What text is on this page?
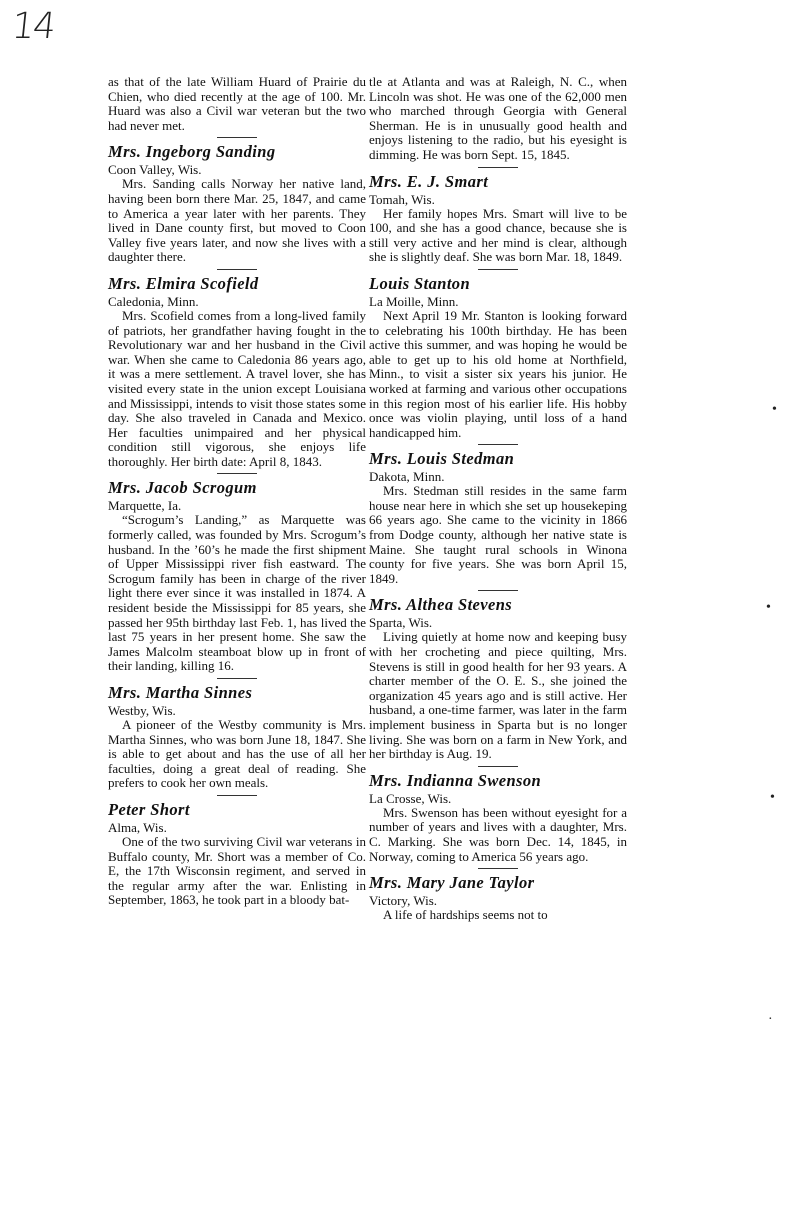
14

as that of the late William Huard of Prairie du Chien, who died recently at the age of 100. Mr. Huard was also a Civil war veteran but the two had never met.

Mrs. Ingeborg Sanding

Coon Valley, Wis.

Mrs. Sanding calls Norway her native land, having been born there Mar. 25, 1847, and came to America a year later with her parents. They lived in Dane county first, but moved to Coon Valley five years later, and now she lives with a daughter there.

Mrs. Elmira Scofield

Caledonia, Minn.

Mrs. Scofield comes from a long-lived family of patriots, her grandfather having fought in the Revolutionary war and her husband in the Civil war. When she came to Caledonia 86 years ago, it was a mere settlement. A travel lover, she has visited every state in the union except Louisiana and Mississippi, intends to visit those states some day. She also traveled in Canada and Mexico. Her faculties unimpaired and her physical condition still vigorous, she enjoys life thoroughly. Her birth date: April 8, 1843.

Mrs. Jacob Scrogum

Marquette, Ia.

“Scrogum’s Landing,” as Marquette was formerly called, was founded by Mrs. Scrogum’s husband. In the ’60’s he made the first shipment of Upper Mississippi river fish eastward. The Scrogum family has been in charge of the river light there ever since it was installed in 1874. A resident beside the Mississippi for 85 years, she passed her 95th birthday last Feb. 1, has lived the last 75 years in her present home. She saw the James Malcolm steamboat blow up in front of their landing, killing 16.

Mrs. Martha Sinnes

Westby, Wis.

A pioneer of the Westby community is Mrs. Martha Sinnes, who was born June 18, 1847. She is able to get about and has the use of all her faculties, doing a great deal of reading. She prefers to cook her own meals.

Peter Short

Alma, Wis.

One of the two surviving Civil war veterans in Buffalo county, Mr. Short was a member of Co. E, the 17th Wisconsin regiment, and served in the regular army after the war. Enlisting in September, 1863, he took part in a bloody bat-

tle at Atlanta and was at Raleigh, N. C., when Lincoln was shot. He was one of the 62,000 men who marched through Georgia with General Sherman. He is in unusually good health and enjoys listening to the radio, but his eyesight is dimming. He was born Sept. 15, 1845.

Mrs. E. J. Smart

Tomah, Wis.

Her family hopes Mrs. Smart will live to be 100, and she has a good chance, because she is still very active and her mind is clear, although she is slightly deaf. She was born Mar. 18, 1849.

Louis Stanton

La Moille, Minn.

Next April 19 Mr. Stanton is looking forward to celebrating his 100th birthday. He has been active this summer, and was hoping he would be able to get up to his old home at Northfield, Minn., to visit a sister six years his junior. He worked at farming and various other occupations in this region most of his earlier life. His hobby once was violin playing, until loss of a hand handicapped him.

Mrs. Louis Stedman

Dakota, Minn.

Mrs. Stedman still resides in the same farm house near here in which she set up housekeping 66 years ago. She came to the vicinity in 1866 from Dodge county, although her native state is Maine. She taught rural schools in Winona county for five years. She was born April 15, 1849.

Mrs. Althea Stevens

Sparta, Wis.

Living quietly at home now and keeping busy with her crocheting and piece quilting, Mrs. Stevens is still in good health for her 93 years. A charter member of the O. E. S., she joined the organization 45 years ago and is still active. Her husband, a one-time farmer, was later in the farm implement business in Sparta but is no longer living. She was born on a farm in New York, and her birthday is Aug. 19.

Mrs. Indianna Swenson

La Crosse, Wis.

Mrs. Swenson has been without eyesight for a number of years and lives with a daughter, Mrs. C. Marking. She was born Dec. 14, 1845, in Norway, coming to America 56 years ago.

Mrs. Mary Jane Taylor

Victory, Wis.

A life of hardships seems not to

•
•
•
·
